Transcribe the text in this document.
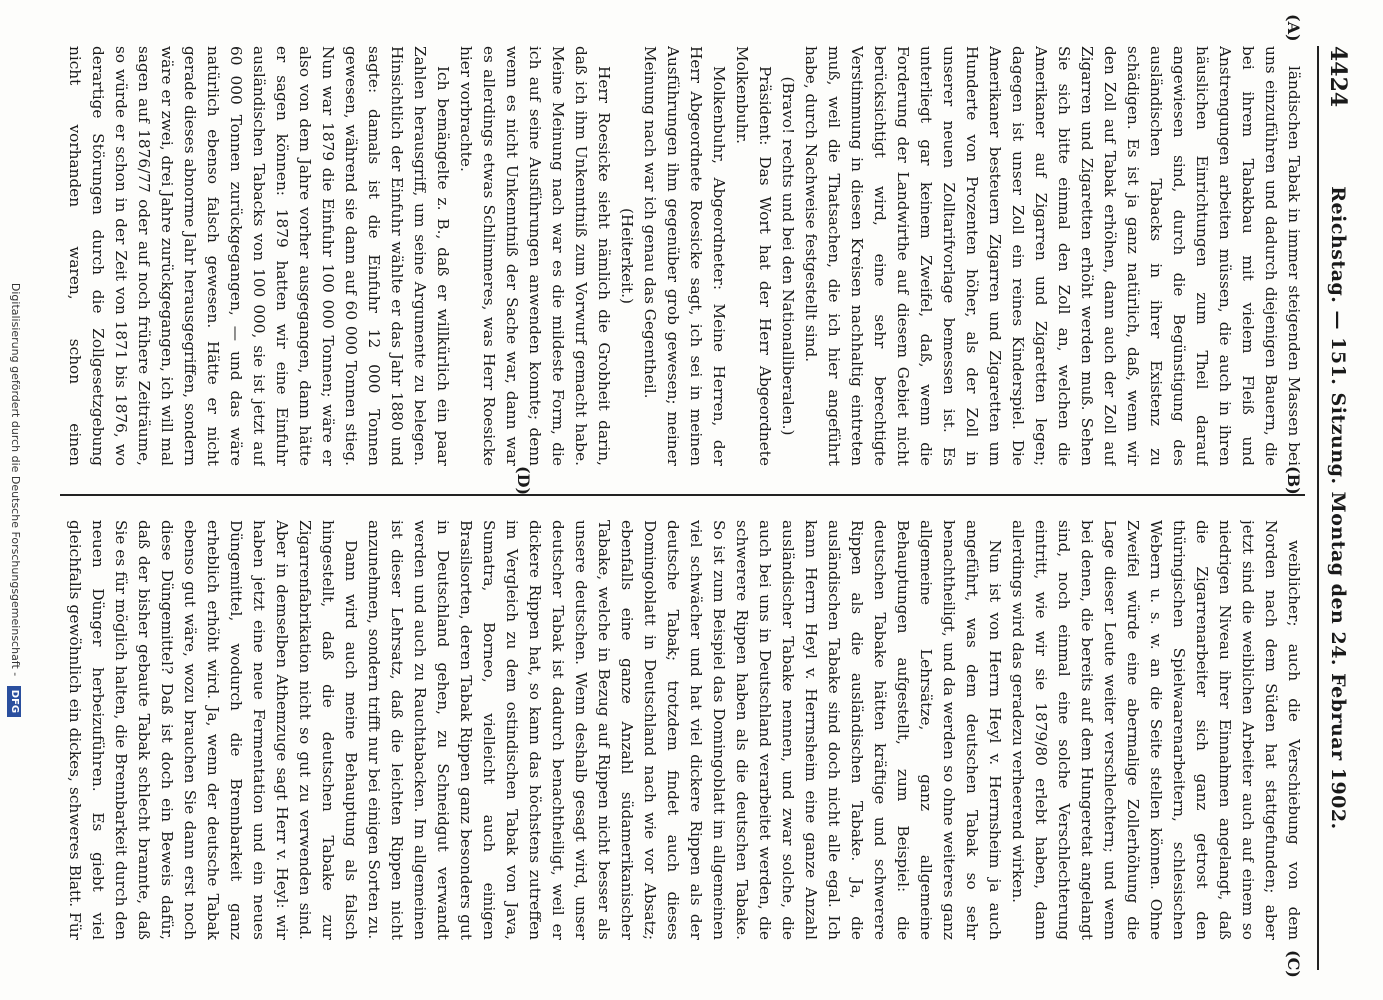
4424
Reichstag. — 151. Sitzung. Montag den 24. Februar 1902.
(A)
(B)
(C)
(D)

ländischen Tabak in immer steigenden Massen bei uns einzuführen und dadurch diejenigen Bauern, die bei ihrem Tabakbau mit vielem Fleiß und Anstrengungen arbeiten müssen, die auch in ihren häuslichen Einrichtungen zum Theil darauf angewiesen sind, durch die Begünstigung des ausländischen Tabacks in ihrer Existenz zu schädigen. Es ist ja ganz natürlich, daß, wenn wir den Zoll auf Tabak erhöhen, dann auch der Zoll auf Zigarren und Zigaretten erhöht werden muß. Sehen Sie sich bitte einmal den Zoll an, welchen die Amerikaner auf Zigarren und Zigaretten legen; dagegen ist unser Zoll ein reines Kinderspiel. Die Amerikaner besteuern Zigarren und Zigaretten um Hunderte von Prozenten höher, als der Zoll in unserer neuen Zolltarifvorlage bemessen ist. Es unterliegt gar keinem Zweifel, daß, wenn die Forderung der Landwirthe auf diesem Gebiet nicht berücksichtigt wird, eine sehr berechtigte Verstimmung in diesen Kreisen nachhaltig eintreten muß, weil die Thatsachen, die ich hier angeführt habe, durch Nachweise festgestellt sind.

(Bravo! rechts und bei den Nationalliberalen.)

Präsident: Das Wort hat der Herr Abgeordnete Molkenbuhr.

Molkenbuhr, Abgeordneter: Meine Herren, der Herr Abgeordnete Roesicke sagt, ich sei in meinen Ausführungen ihm gegenüber grob gewesen; meiner Meinung nach war ich genau das Gegentheil.

(Heiterkeit.)

Herr Roesicke sieht nämlich die Grobheit darin, daß ich ihm Unkenntniß zum Vorwurf gemacht habe. Meine Meinung nach war es die mildeste Form, die ich auf seine Ausführungen anwenden konnte; denn wenn es nicht Unkenntniß der Sache war, dann war es allerdings etwas Schlimmeres, was Herr Roesicke hier vorbrachte.

Ich bemängelte z. B., daß er willkürlich ein paar Zahlen herausgriff, um seine Argumente zu belegen. Hinsichtlich der Einfuhr wählte er das Jahr 1880 und sagte: damals ist die Einfuhr 12 000 Tonnen gewesen, während sie dann auf 60 000 Tonnen stieg. Nun war 1879 die Einfuhr 100 000 Tonnen; wäre er also von dem Jahre vorher ausgegangen, dann hätte er sagen können: 1879 hatten wir eine Einfuhr ausländischen Tabacks von 100 000, sie ist jetzt auf 60 000 Tonnen zurückgegangen, — und das wäre natürlich ebenso falsch gewesen. Hätte er nicht gerade dieses abnorme Jahr herausgegriffen, sondern wäre er zwei, drei Jahre zurückgegangen, ich will mal sagen auf 1876/77 oder auf noch frühere Zeiträume, so würde er schon in der Zeit von 1871 bis 1876, wo derartige Störungen durch die Zollgesetzgebung nicht vorhanden waren, schon einen

weiblicher; auch die Verschiebung von dem Norden nach dem Süden hat stattgefunden; aber jetzt sind die weiblichen Arbeiter auch auf einem so niedrigen Niveau ihrer Einnahmen angelangt, daß die Zigarrenarbeiter sich ganz getrost den thüringischen Spielwaarenarbeitern, schlesischen Webern u. s. w. an die Seite stellen können. Ohne Zweifel würde eine abermalige Zollerhöhung die Lage dieser Leute weiter verschlechtern; und wenn bei denen, die bereits auf dem Hungeretat angelangt sind, noch einmal eine solche Verschlechterung eintritt, wie wir sie 1879/80 erlebt haben, dann allerdings wird das geradezu verheerend wirken.

Nun ist von Herrn Heyl v. Herrnsheim ja auch angeführt, was dem deutschen Tabak so sehr benachtheiligt, und da werden so ohne weiteres ganz allgemeine Lehrsätze, ganz allgemeine Behauptungen aufgestellt, zum Beispiel: die deutschen Tabake hätten kräftige und schwerere Rippen als die ausländischen Tabake. Ja, die ausländischen Tabake sind doch nicht alle egal. Ich kann Herrn Heyl v. Herrnsheim eine ganze Anzahl ausländischer Tabake nennen, und zwar solche, die auch bei uns in Deutschland verarbeitet werden, die schwerere Rippen haben als die deutschen Tabake. So ist zum Beispiel das Domingoblatt im allgemeinen viel schwächer und hat viel dickere Rippen als der deutsche Tabak; trotzdem findet auch dieses Domingoblatt in Deutschland nach wie vor Absatz; ebenfalls eine ganze Anzahl südamerikanischer Tabake, welche in Bezug auf Rippen nicht besser als unsere deutschen. Wenn deshalb gesagt wird, unser deutscher Tabak ist dadurch benachtheiligt, weil er dickere Rippen hat, so kann das höchstens zutreffen im Vergleich zu dem ostindischen Tabak von Java, Sumatra, Borneo, vielleicht auch einigen Brasilsorten, deren Tabak Rippen ganz besonders gut in Deutschland gehen, zu Schneidgut verwandt werden und auch zu Rauchtabacken. Im allgemeinen ist dieser Lehrsatz, daß die leichten Rippen nicht anzunehmen, sondern trifft nur bei einigen Sorten zu.

Dann wird auch meine Behauptung als falsch hingestellt, daß die deutschen Tabake zur Zigarrenfabrikation nicht so gut zu verwenden sind. Aber in demselben Athemzuge sagt Herr v. Heyl: wir haben jetzt eine neue Fermentation und ein neues Düngemittel, wodurch die Brennbarkeit ganz erheblich erhöht wird. Ja, wenn der deutsche Tabak ebenso gut wäre, wozu brauchen Sie dann erst noch diese Düngemittel? Daß ist doch ein Beweis dafür, daß der bisher gebaute Tabak schlecht brannte, daß Sie es für möglich halten, die Brennbarkeit durch den neuen Dünger herbeizuführen. Es giebt viel gleichfalls gewöhnlich ein dickes, schweres Blatt. Für

Digitalisierung gefördert durch die Deutsche Forschungsgemeinschaft - DFG
